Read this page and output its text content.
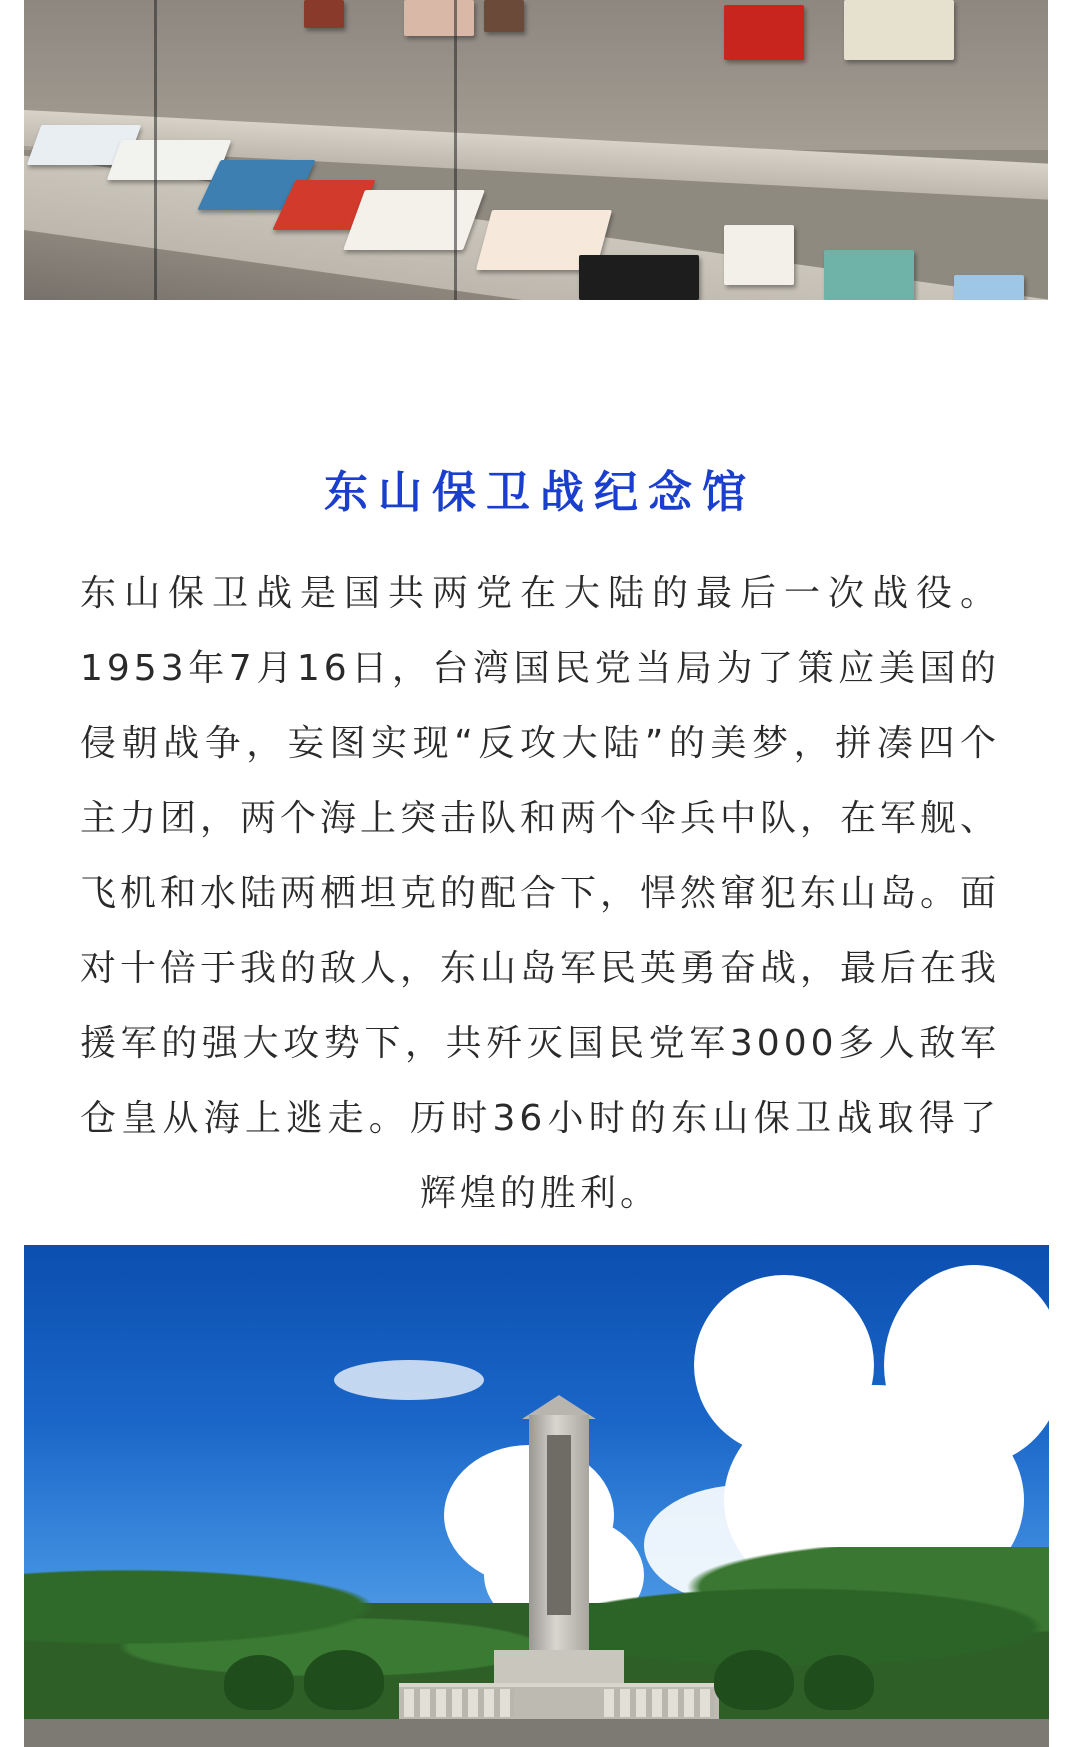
东山保卫战纪念馆

东山保卫战是国共两党在大陆的最后一次战役。1953年7月16日，台湾国民党当局为了策应美国的侵朝战争，妄图实现“反攻大陆”的美梦，拼凑四个主力团，两个海上突击队和两个伞兵中队，在军舰、飞机和水陆两栖坦克的配合下，悍然窜犯东山岛。面对十倍于我的敌人，东山岛军民英勇奋战，最后在我援军的强大攻势下，共歼灭国民党军3000多人敌军仓皇从海上逃走。历时36小时的东山保卫战取得了辉煌的胜利。
